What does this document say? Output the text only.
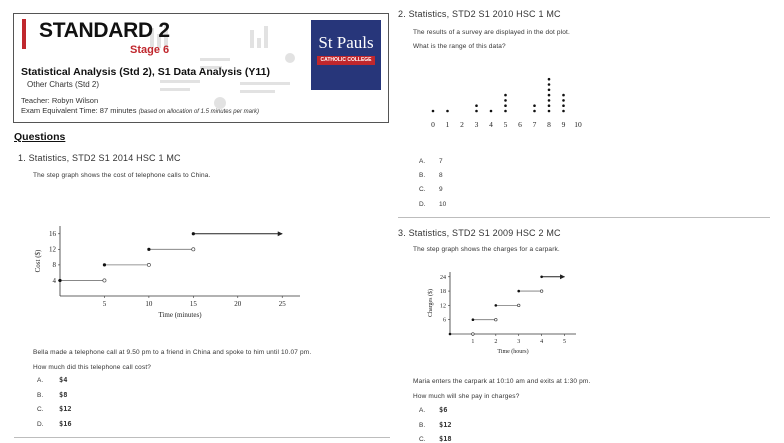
STANDARD 2
Stage 6
Statistical Analysis (Std 2), S1 Data Analysis (Y11)
Other Charts (Std 2)
Teacher: Robyn Wilson
Exam Equivalent Time: 87 minutes (based on allocation of 1.5 minutes per mark)
St Pauls
CATHOLIC COLLEGE
Questions
1. Statistics, STD2 S1 2014 HSC 1 MC
The step graph shows the cost of telephone calls to China.
5	10	15	20	25
4
8
12
16
Time (minutes)
Cost ($)
Bella made a telephone call at 9.50 pm to a friend in China and spoke to him until 10.07 pm.
How much did this telephone call cost?
A. $4
B. $8
C. $12
D. $16
2. Statistics, STD2 S1 2010 HSC 1 MC
The results of a survey are displayed in the dot plot.
What is the range of this data?
0 1 2 3 4 5 6 7 8 9 10
A. 7
B. 8
C. 9
D. 10
3. Statistics, STD2 S1 2009 HSC 2 MC
The step graph shows the charges for a carpark.
1	2	3	4	5
6
12
18
24
Time (hours)
Charges ($)
Maria enters the carpark at 10:10 am and exits at 1:30 pm.
How much will she pay in charges?
A. $6
B. $12
C. $18
